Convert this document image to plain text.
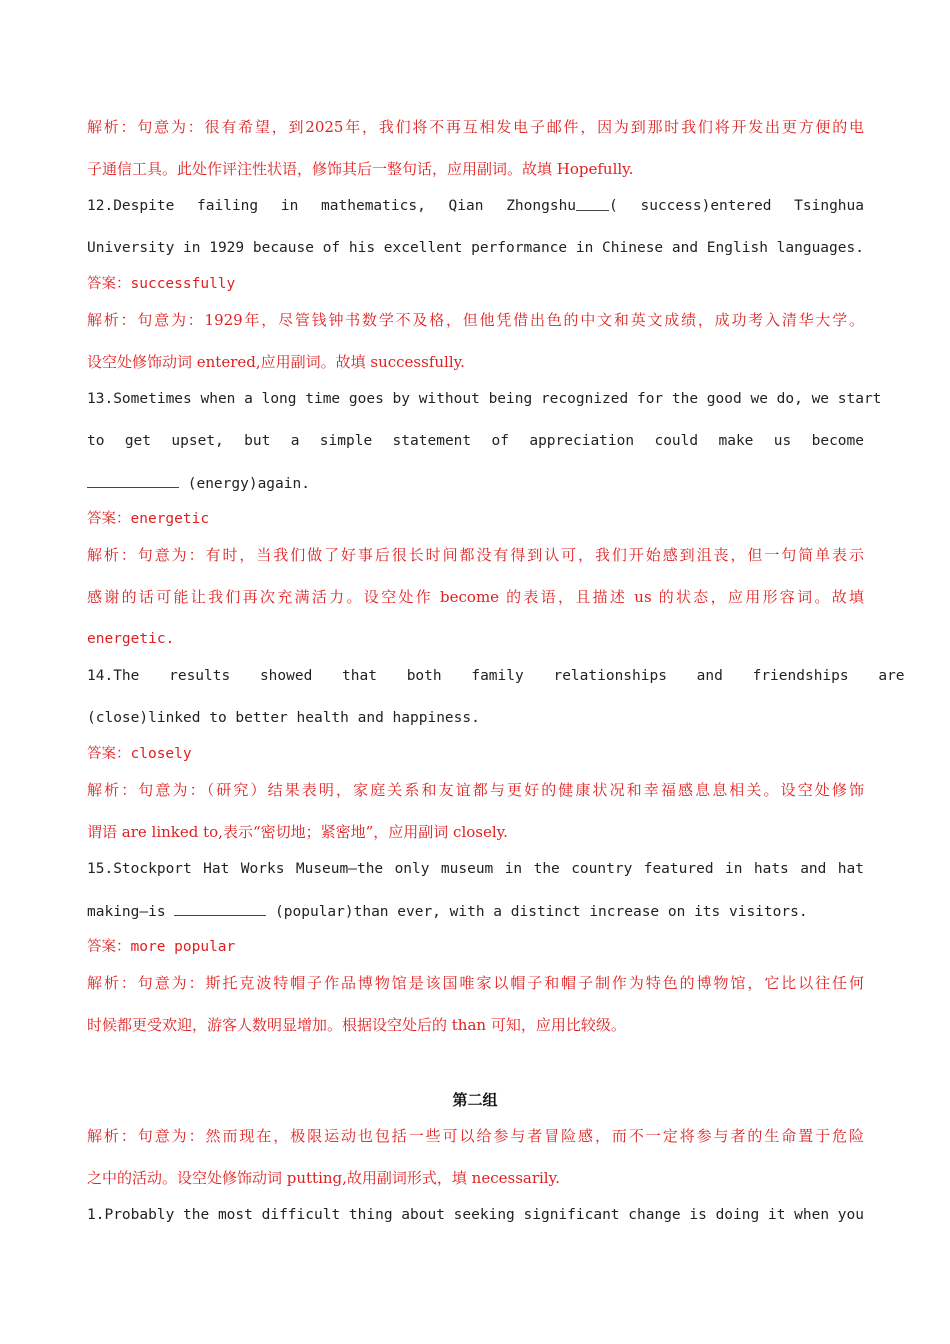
解析：句意为：很有希望，到2025年，我们将不再互相发电子邮件，因为到那时我们将开发出更方便的电
子通信工具。此处作评注性状语，修饰其后一整句话，应用副词。故填 Hopefully.
12.Despite failing in mathematics, Qian Zhongshu ( success)entered Tsinghua
University in 1929 because of his excellent performance in Chinese and English languages.
答案：successfully
解析：句意为：1929年，尽管钱钟书数学不及格，但他凭借出色的中文和英文成绩，成功考入清华大学。
设空处修饰动词 entered,应用副词。故填 successfully.
13.Sometimes when a long time goes by without being recognized for the good we do, we start
to get upset, but a simple statement of appreciation could make us become
(energy)again.
答案：energetic
解析：句意为：有时，当我们做了好事后很长时间都没有得到认可，我们开始感到沮丧，但一句简单表示
感谢的话可能让我们再次充满活力。设空处作 become 的表语，且描述 us 的状态，应用形容词。故填
energetic.
14.The results showed that both family relationships and friendships are
(close)linked to better health and happiness.
答案：closely
解析：句意为：（研究）结果表明，家庭关系和友谊都与更好的健康状况和幸福感息息相关。设空处修饰
谓语 are linked to,表示“密切地；紧密地”，应用副词 closely.
15.Stockport Hat Works Museum—the only museum in the country featured in hats and hat
making—is	(popular)than ever, with a distinct increase on its visitors.
答案：more popular
解析：句意为：斯托克波特帽子作品博物馆是该国唯家以帽子和帽子制作为特色的博物馆，它比以往任何
时候都更受欢迎，游客人数明显增加。根据设空处后的 than 可知，应用比较级。
第二组
解析：句意为：然而现在，极限运动也包括一些可以给参与者冒险感，而不一定将参与者的生命置于危险
之中的活动。设空处修饰动词 putting,故用副词形式，填 necessarily.
1.Probably the most difficult thing about seeking significant change is doing it when you
